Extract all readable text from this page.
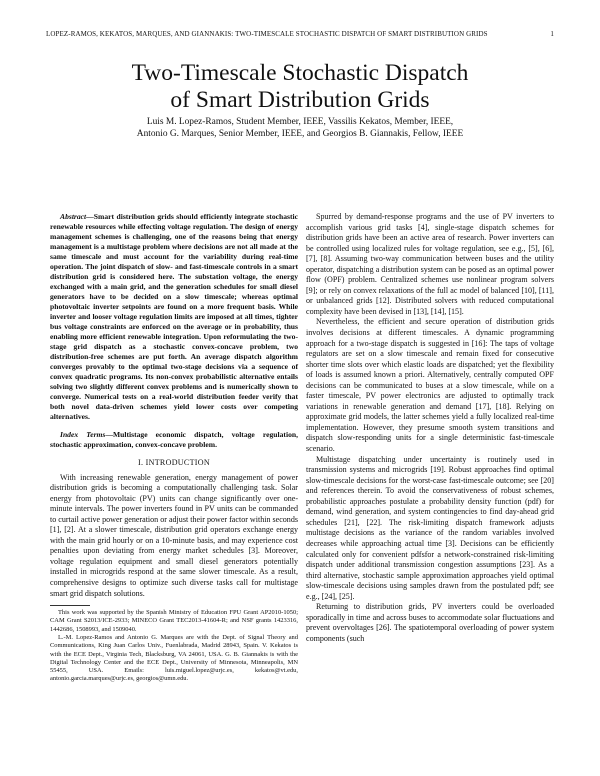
LOPEZ-RAMOS, KEKATOS, MARQUES, AND GIANNAKIS: TWO-TIMESCALE STOCHASTIC DISPATCH OF SMART DISTRIBUTION GRIDS	1
Two-Timescale Stochastic Dispatch
of Smart Distribution Grids
Luis M. Lopez-Ramos, Student Member, IEEE, Vassilis Kekatos, Member, IEEE,
Antonio G. Marques, Senior Member, IEEE, and Georgios B. Giannakis, Fellow, IEEE

Abstract—Smart distribution grids should efficiently integrate stochastic renewable resources while effecting voltage regulation. The design of energy management schemes is challenging, one of the reasons being that energy management is a multistage problem where decisions are not all made at the same timescale and must account for the variability during real-time operation. The joint dispatch of slow- and fast-timescale controls in a smart distribution grid is considered here. The substation voltage, the energy exchanged with a main grid, and the generation schedules for small diesel generators have to be decided on a slow timescale; whereas optimal photovoltaic inverter setpoints are found on a more frequent basis. While inverter and looser voltage regulation limits are imposed at all times, tighter bus voltage constraints are enforced on the average or in probability, thus enabling more efficient renewable integration. Upon reformulating the two-stage grid dispatch as a stochastic convex-concave problem, two distribution-free schemes are put forth. An average dispatch algorithm converges provably to the optimal two-stage decisions via a sequence of convex quadratic programs. Its non-convex probabilistic alternative entails solving two slightly different convex problems and is numerically shown to converge. Numerical tests on a real-world distribution feeder verify that both novel data-driven schemes yield lower costs over competing alternatives.

Index Terms—Multistage economic dispatch, voltage regulation, stochastic approximation, convex-concave problem.

I. INTRODUCTION

With increasing renewable generation, energy management of power distribution grids is becoming a computationally challenging task. Solar energy from photovoltaic (PV) units can change significantly over one-minute intervals. The power inverters found in PV units can be commanded to curtail active power generation or adjust their power factor within seconds [1], [2]. At a slower timescale, distribution grid operators exchange energy with the main grid hourly or on a 10-minute basis, and may experience cost penalties upon deviating from energy market schedules [3]. Moreover, voltage regulation equipment and small diesel generators potentially installed in microgrids respond at the same slower timescale. As a result, comprehensive designs to optimize such diverse tasks call for multistage smart grid dispatch solutions.

This work was supported by the Spanish Ministry of Education FPU Grant AP2010-1050; CAM Grant S2013/ICE-2933; MINECO Grant TEC2013-41604-R; and NSF grants 1423316, 1442686, 1508993, and 1509040.

L.-M. Lopez-Ramos and Antonio G. Marques are with the Dept. of Signal Theory and Communications, King Juan Carlos Univ., Fuenlabrada, Madrid 28943, Spain. V. Kekatos is with the ECE Dept., Virginia Tech, Blacksburg, VA 24061, USA. G. B. Giannakis is with the Digital Technology Center and the ECE Dept., University of Minnesota, Minneapolis, MN 55455, USA. Emails: luis.miguel.lopez@urjc.es, kekatos@vt.edu, antonio.garcia.marques@urjc.es, georgios@umn.edu.

Spurred by demand-response programs and the use of PV inverters to accomplish various grid tasks [4], single-stage dispatch schemes for distribution grids have been an active area of research. Power inverters can be controlled using localized rules for voltage regulation, see e.g., [5], [6], [7], [8]. Assuming two-way communication between buses and the utility operator, dispatching a distribution system can be posed as an optimal power flow (OPF) problem. Centralized schemes use nonlinear program solvers [9]; or rely on convex relaxations of the full ac model of balanced [10], [11], or unbalanced grids [12]. Distributed solvers with reduced computational complexity have been devised in [13], [14], [15].

Nevertheless, the efficient and secure operation of distribution grids involves decisions at different timescales. A dynamic programming approach for a two-stage dispatch is suggested in [16]: The taps of voltage regulators are set on a slow timescale and remain fixed for consecutive shorter time slots over which elastic loads are dispatched; yet the flexibility of loads is assumed known a priori. Alternatively, centrally computed OPF decisions can be communicated to buses at a slow timescale, while on a faster timescale, PV power electronics are adjusted to optimally track variations in renewable generation and demand [17], [18]. Relying on approximate grid models, the latter schemes yield a fully localized real-time implementation. However, they presume smooth system transitions and dispatch slow-responding units for a single deterministic fast-timescale scenario.

Multistage dispatching under uncertainty is routinely used in transmission systems and microgrids [19]. Robust approaches find optimal slow-timescale decisions for the worst-case fast-timescale outcome; see [20] and references therein. To avoid the conservativeness of robust schemes, probabilistic approaches postulate a probability density function (pdf) for demand, wind generation, and system contingencies to find day-ahead grid schedules [21], [22]. The risk-limiting dispatch framework adjusts multistage decisions as the variance of the random variables involved decreases while approaching actual time [3]. Decisions can be efficiently calculated only for convenient pdfsfor a network-constrained risk-limiting dispatch under additional transmission congestion assumptions [23]. As a third alternative, stochastic sample approximation approaches yield optimal slow-timescale decisions using samples drawn from the postulated pdf; see e.g., [24], [25].

Returning to distribution grids, PV inverters could be overloaded sporadically in time and across buses to accommodate solar fluctuations and prevent overvoltages [26]. The spatiotemporal overloading of power system components (such
